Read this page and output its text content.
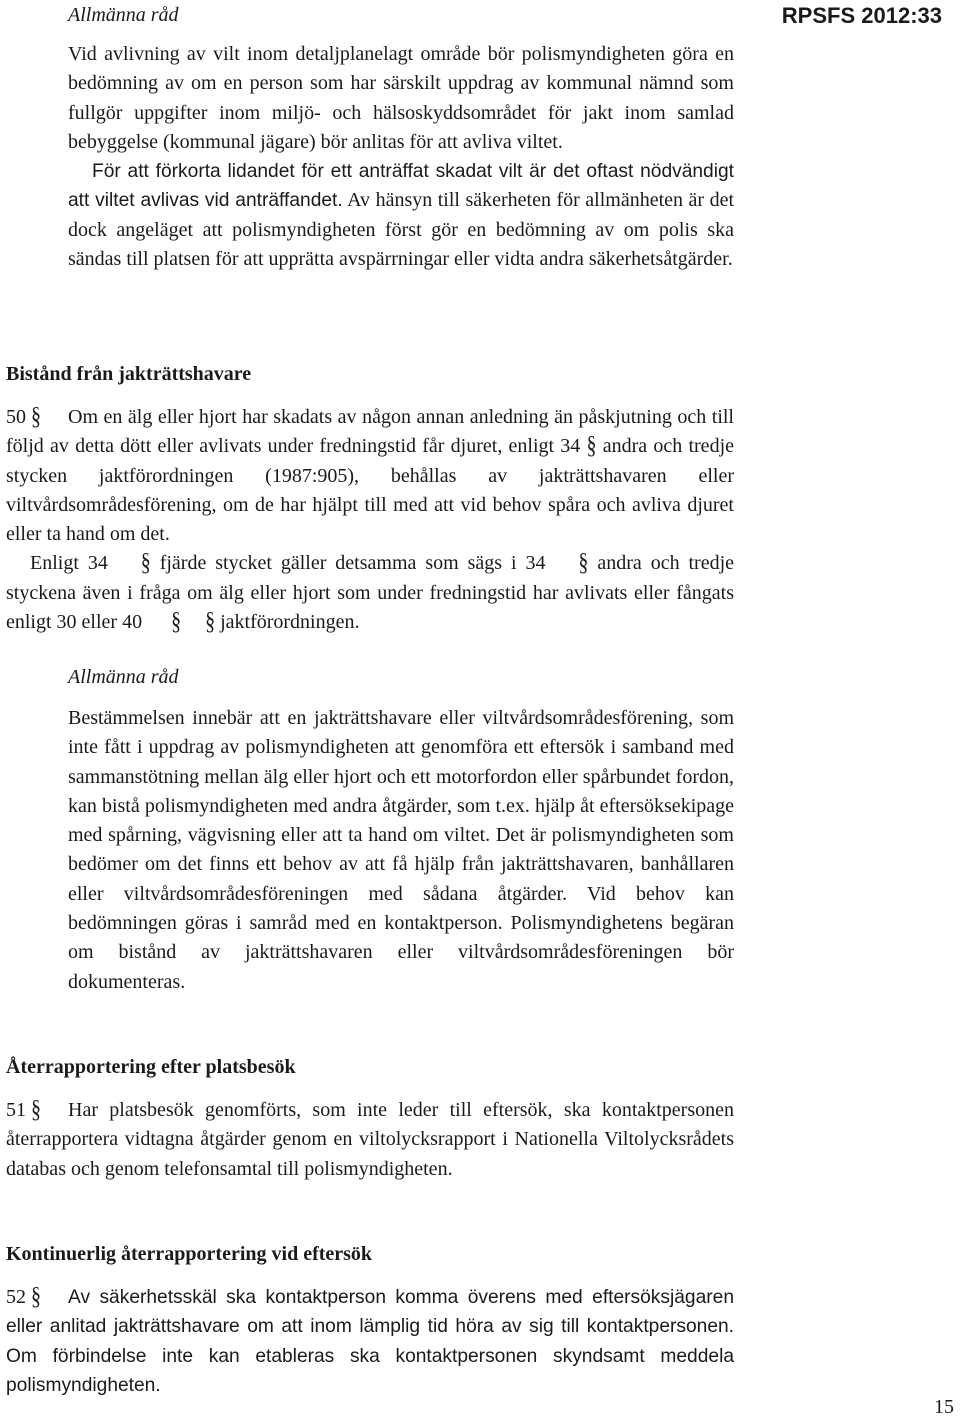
Allmänna råd	RPSFS 2012:33

Vid avlivning av vilt inom detaljplanelagt område bör polismyndigheten göra en bedömning av om en person som har särskilt uppdrag av kommunal nämnd som fullgör uppgifter inom miljö- och hälsoskyddsområdet för jakt inom samlad bebyggelse (kommunal jägare) bör anlitas för att avliva viltet.

För att förkorta lidandet för ett anträffat skadat vilt är det oftast nödvändigt att viltet avlivas vid anträffandet. Av hänsyn till säkerheten för allmänheten är det dock angeläget att polismyndigheten först gör en bedömning av om polis ska sändas till platsen för att upprätta avspärrningar eller vidta andra säkerhetsåtgärder.

Bistånd från jakträttshavare

50 § Om en älg eller hjort har skadats av någon annan anledning än påskjutning och till följd av detta dött eller avlivats under fredningstid får djuret, enligt 34 § andra och tredje stycken jaktförordningen (1987:905), behållas av jakträttshavaren eller viltvårdsområdesförening, om de har hjälpt till med att vid behov spåra och avliva djuret eller ta hand om det.

Enligt 34 § fjärde stycket gäller detsamma som sägs i 34 § andra och tredje styckena även i fråga om älg eller hjort som under fredningstid har avlivats eller fångats enligt 30 eller 40 § § jaktförordningen.

Allmänna råd

Bestämmelsen innebär att en jakträttshavare eller viltvårdsområdesförening, som inte fått i uppdrag av polismyndigheten att genomföra ett eftersök i samband med sammanstötning mellan älg eller hjort och ett motorfordon eller spårbundet fordon, kan bistå polismyndigheten med andra åtgärder, som t.ex. hjälp åt eftersöksekipage med spårning, vägvisning eller att ta hand om viltet. Det är polismyndigheten som bedömer om det finns ett behov av att få hjälp från jakträttshavaren, banhållaren eller viltvårdsområdesföreningen med sådana åtgärder. Vid behov kan bedömningen göras i samråd med en kontaktperson. Polismyndighetens begäran om bistånd av jakträttshavaren eller viltvårdsområdesföreningen bör dokumenteras.

Återrapportering efter platsbesök

51 § Har platsbesök genomförts, som inte leder till eftersök, ska kontaktpersonen återrapportera vidtagna åtgärder genom en viltolycksrapport i Nationella Viltolycksrådets databas och genom telefonsamtal till polismyndigheten.

Kontinuerlig återrapportering vid eftersök

52 § Av säkerhetsskäl ska kontaktperson komma överens med eftersöksjägaren eller anlitad jakträttshavare om att inom lämplig tid höra av sig till kontaktpersonen. Om förbindelse inte kan etableras ska kontaktpersonen skyndsamt meddela polismyndigheten.

15
